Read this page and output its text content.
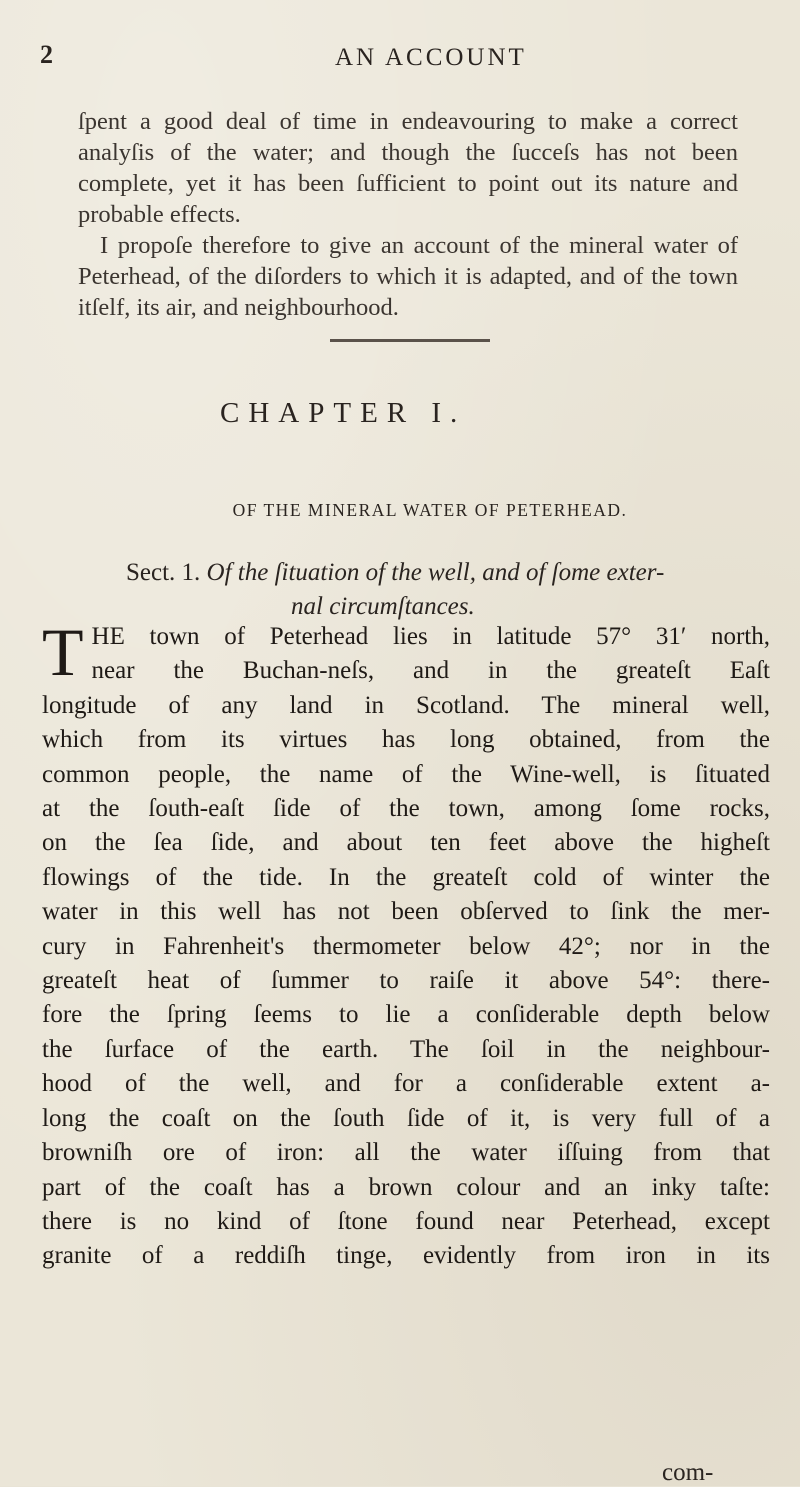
2	AN ACCOUNT

ſpent a good deal of time in endeavouring to make a correct analyſis of the water; and though the ſucceſs has not been complete, yet it has been ſufficient to point out its nature and probable effects.

I propoſe therefore to give an account of the mineral water of Peterhead, of the diſorders to which it is adapted, and of the town itſelf, its air, and neighbourhood.

CHAPTER I.
OF THE MINERAL WATER OF PETERHEAD.
Sect. 1. Of the ſituation of the well, and of ſome exter-
nal circumſtances.
T HE town of Peterhead lies in latitude 57° 31′ north,
near the Buchan-neſs, and in the greateſt Eaſt
longitude of any land in Scotland. The mineral well,
which from its virtues has long obtained, from the
common people, the name of the Wine-well, is ſituated
at the ſouth-eaſt ſide of the town, among ſome rocks,
on the ſea ſide, and about ten feet above the higheſt
flowings of the tide. In the greateſt cold of winter the
water in this well has not been obſerved to ſink the mer-
cury in Fahrenheit's thermometer below 42°; nor in the
greateſt heat of ſummer to raiſe it above 54°: there-
fore the ſpring ſeems to lie a conſiderable depth below
the ſurface of the earth. The ſoil in the neighbour-
hood of the well, and for a conſiderable extent a-
long the coaſt on the ſouth ſide of it, is very full of a
browniſh ore of iron: all the water iſſuing from that
part of the coaſt has a brown colour and an inky taſte:
there is no kind of ſtone found near Peterhead, except
granite of a reddiſh tinge, evidently from iron in its
com-
